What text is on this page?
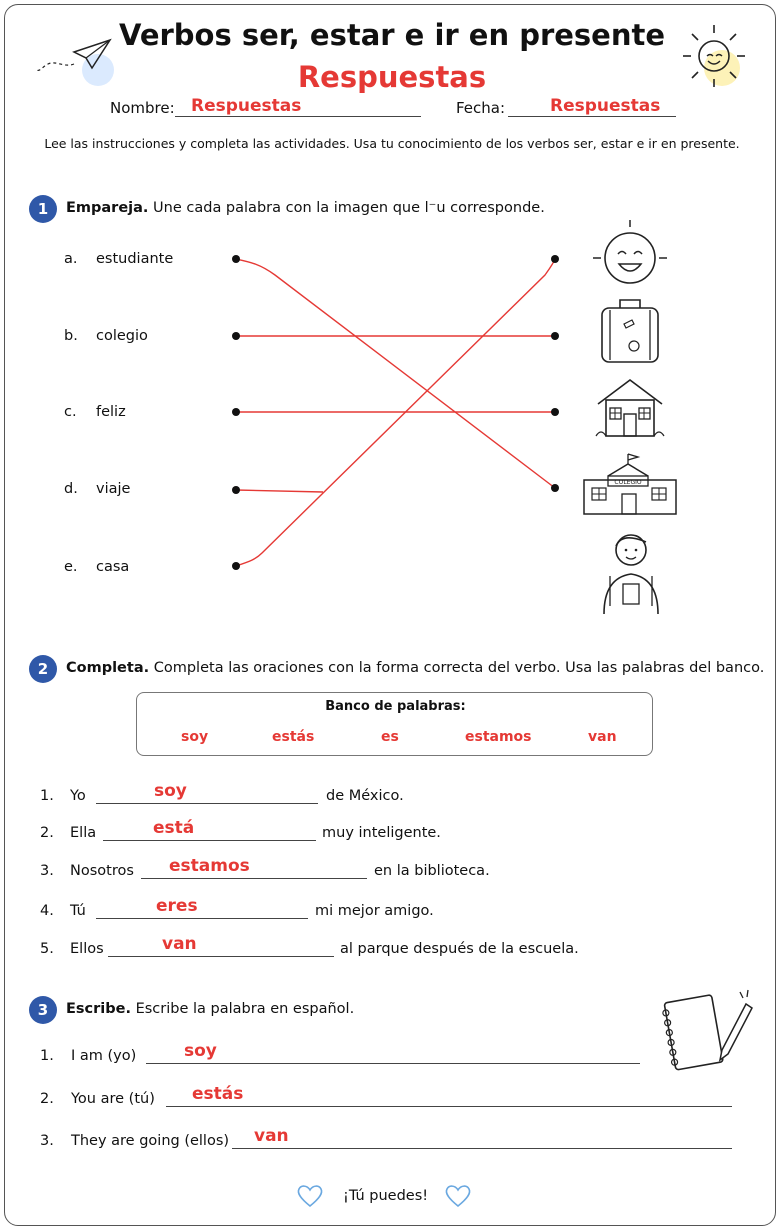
Verbos ser, estar e ir en presente
Respuestas
Nombre: Respuestas	Fecha:	Respuestas
Lee las instrucciones y completa las actividades. Usa tu conocimiento de los verbos ser, estar e ir en presente.
1	Empareja. Une cada palabra con la imagen que l⁻u corresponde.
a. estudiante
b. colegio
c. feliz
d. viaje
e. casa
COLEGIO
2	Completa. Completa las oraciones con la forma correcta del verbo. Usa las palabras del banco.
Banco de palabras:
soy	estás	es	estamos	van
1. Yo	soy	de México.
2. Ella	está	muy inteligente.
3. Nosotros estamos	en la biblioteca.
4. Tú	eres	mi mejor amigo.
5. Ellos	van	al parque después de la escuela.
3	Escribe. Escribe la palabra en español.
1. I am (yo)	soy
2. You are (tú) estás
3. They are going (ellos) van
¡Tú puedes!
